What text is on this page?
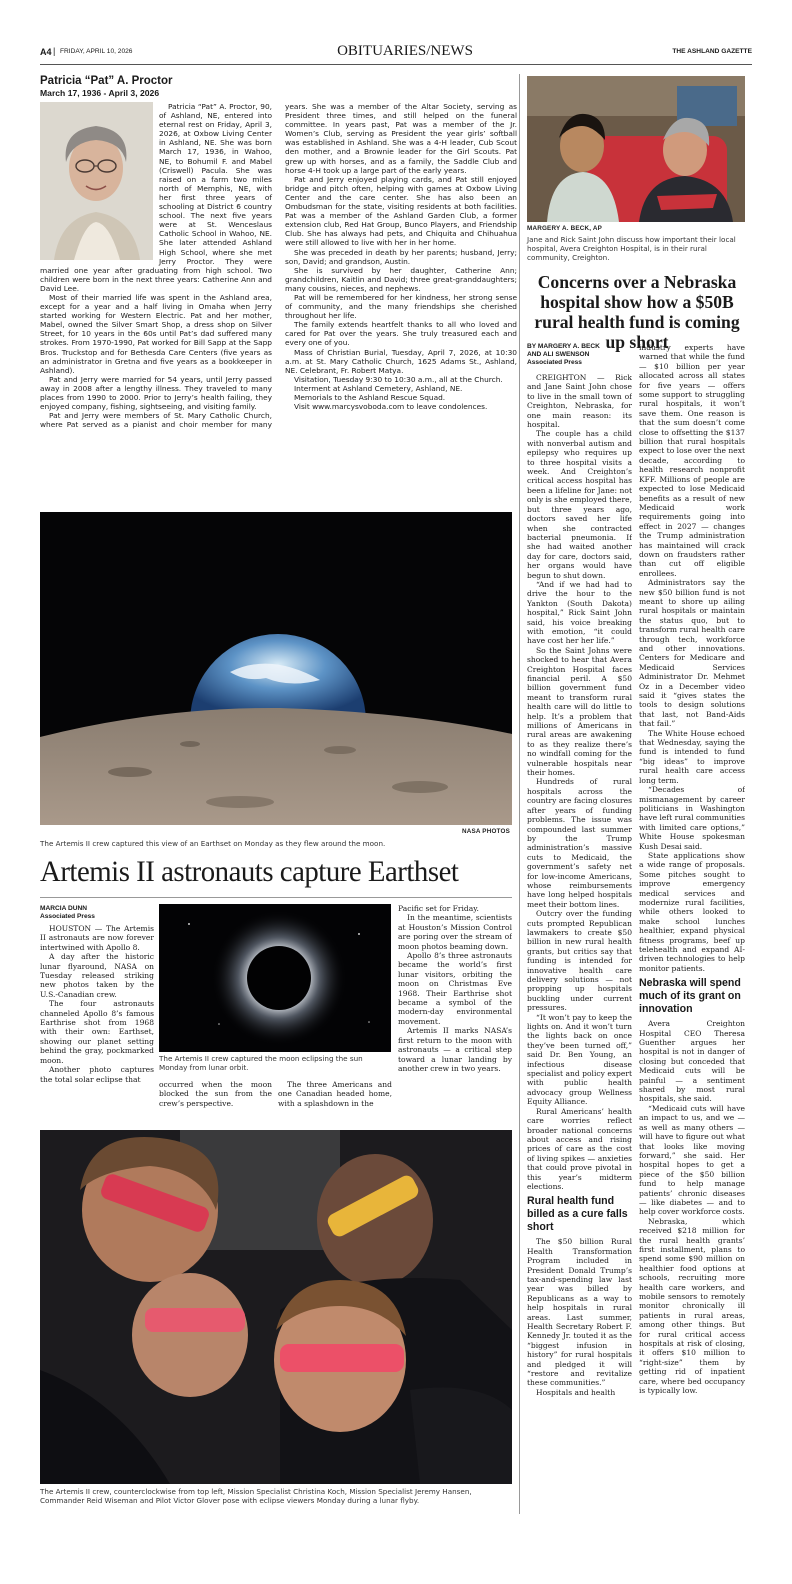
A4 | FRIDAY, APRIL 10, 2026	OBITUARIES/NEWS	THE ASHLAND GAZETTE
Patricia “Pat” A. Proctor
March 17, 1936 - April 3, 2026

Patricia “Pat” A. Proctor, 90, of Ashland, NE, entered into eternal rest on Friday, April 3, 2026, at Oxbow Living Center in Ashland, NE. She was born March 17, 1936, in Wahoo, NE, to Bohumil F. and Mabel (Criswell) Pacula. She was raised on a farm two miles north of Memphis, NE, with her first three years of schooling at District 6 country school. The next five years were at St. Wenceslaus Catholic School in Wahoo, NE. She later attended Ashland High School, where she met Jerry Proctor. They were married one year after graduating from high school. Two children were born in the next three years: Catherine Ann and David Lee.

Most of their married life was spent in the Ashland area, except for a year and a half living in Omaha when Jerry started working for Western Electric. Pat and her mother, Mabel, owned the Silver Smart Shop, a dress shop on Silver Street, for 10 years in the 60s until Pat’s dad suffered many strokes. From 1970-1990, Pat worked for Bill Sapp at the Sapp Bros. Truckstop and for Bethesda Care Centers (five years as an administrator in Gretna and five years as a bookkeeper in Ashland).

Pat and Jerry were married for 54 years, until Jerry passed away in 2008 after a lengthy illness. They traveled to many places from 1990 to 2000. Prior to Jerry’s health failing, they enjoyed company, fishing, sightseeing, and visiting family.

Pat and Jerry were members of St. Mary Catholic Church, where Pat served as a pianist and choir member for many years. She was a member of the Altar Society, serving as President three times, and still helped on the funeral committee. In years past, Pat was a member of the Jr. Women’s Club, serving as President the year girls’ softball was established in Ashland. She was a 4-H leader, Cub Scout den mother, and a Brownie leader for the Girl Scouts. Pat grew up with horses, and as a family, the Saddle Club and horse 4-H took up a large part of the early years.

Pat and Jerry enjoyed playing cards, and Pat still enjoyed bridge and pitch often, helping with games at Oxbow Living Center and the care center. She has also been an Ombudsman for the state, visiting residents at both facilities. Pat was a member of the Ashland Garden Club, a former extension club, Red Hat Group, Bunco Players, and Friendship Club. She has always had pets, and Chiquita and Chihuahua were still allowed to live with her in her home.

She was preceded in death by her parents; husband, Jerry; son, David; and grandson, Austin.

She is survived by her daughter, Catherine Ann; grandchildren, Kaitlin and David; three great-granddaughters; many cousins, nieces, and nephews.

Pat will be remembered for her kindness, her strong sense of community, and the many friendships she cherished throughout her life.

The family extends heartfelt thanks to all who loved and cared for Pat over the years. She truly treasured each and every one of you.

Mass of Christian Burial, Tuesday, April 7, 2026, at 10:30 a.m. at St. Mary Catholic Church, 1625 Adams St., Ashland, NE. Celebrant, Fr. Robert Matya.

Visitation, Tuesday 9:30 to 10:30 a.m., all at the Church.

Interment at Ashland Cemetery, Ashland, NE.

Memorials to the Ashland Rescue Squad.

Visit www.marcysvoboda.com to leave condolences.

NASA PHOTOS
The Artemis II crew captured this view of an Earthset on Monday as they flew around the moon.
Artemis II astronauts capture Earthset
MARCIA DUNN
Associated Press

HOUSTON — The Artemis II astronauts are now forever intertwined with Apollo 8.

A day after the historic lunar flyaround, NASA on Tuesday released striking new photos taken by the U.S.-Canadian crew.

The four astronauts channeled Apollo 8’s famous Earthrise shot from 1968 with their own: Earthset, showing our planet setting behind the gray, pockmarked moon.

Another photo captures the total solar eclipse that

The Artemis II crew captured the moon eclipsing the sun Monday from lunar orbit.

occurred when the moon blocked the sun from the crew’s perspective.

The three Americans and one Canadian headed home, with a splashdown in the

Pacific set for Friday.

In the meantime, scientists at Houston’s Mission Control are poring over the stream of moon photos beaming down.

Apollo 8’s three astronauts became the world’s first lunar visitors, orbiting the moon on Christmas Eve 1968. Their Earthrise shot became a symbol of the modern-day environmental movement.

Artemis II marks NASA’s first return to the moon with astronauts — a critical step toward a lunar landing by another crew in two years.

The Artemis II crew, counterclockwise from top left, Mission Specialist Christina Koch, Mission Specialist Jeremy Hansen, Commander Reid Wiseman and Pilot Victor Glover pose with eclipse viewers Monday during a lunar flyby.
MARGERY A. BECK, AP
Jane and Rick Saint John discuss how important their local hospital, Avera Creighton Hospital, is in their rural community, Creighton.
Concerns over a Nebraska hospital show how a $50B rural health fund is coming up short
BY MARGERY A. BECK
AND ALI SWENSON
Associated Press

CREIGHTON — Rick and Jane Saint John chose to live in the small town of Creighton, Nebraska, for one main reason: its hospital.

The couple has a child with nonverbal autism and epilepsy who requires up to three hospital visits a week. And Creighton’s critical access hospital has been a lifeline for Jane: not only is she employed there, but three years ago, doctors saved her life when she contracted bacterial pneumonia. If she had waited another day for care, doctors said, her organs would have begun to shut down.

“And if we had had to drive the hour to the Yankton (South Dakota) hospital,” Rick Saint John said, his voice breaking with emotion, “it could have cost her her life.”

So the Saint Johns were shocked to hear that Avera Creighton Hospital faces financial peril. A $50 billion government fund meant to transform rural health care will do little to help. It’s a problem that millions of Americans in rural areas are awakening to as they realize there’s no windfall coming for the vulnerable hospitals near their homes.

Hundreds of rural hospitals across the country are facing closures after years of funding problems. The issue was compounded last summer by the Trump administration’s massive cuts to Medicaid, the government’s safety net for low-income Americans, whose reimbursements have long helped hospitals meet their bottom lines.

Outcry over the funding cuts prompted Republican lawmakers to create $50 billion in new rural health grants, but critics say that funding is intended for innovative health care delivery solutions — not propping up hospitals buckling under current pressures.

“It won’t pay to keep the lights on. And it won’t turn the lights back on once they’ve been turned off,” said Dr. Ben Young, an infectious disease specialist and policy expert with public health advocacy group Wellness Equity Alliance.

Rural Americans’ health care worries reflect broader national concerns about access and rising prices of care as the cost of living spikes — anxieties that could prove pivotal in this year’s midterm elections.

Rural health fund billed as a cure falls short

The $50 billion Rural Health Transformation Program included in President Donald Trump’s tax-and-spending law last year was billed by Republicans as a way to help hospitals in rural areas. Last summer, Health Secretary Robert F. Kennedy Jr. touted it as the “biggest infusion in history” for rural hospitals and pledged it will “restore and revitalize these communities.”

Hospitals and health

industry experts have warned that while the fund — $10 billion per year allocated across all states for five years — offers some support to struggling rural hospitals, it won’t save them. One reason is that the sum doesn’t come close to offsetting the $137 billion that rural hospitals expect to lose over the next decade, according to health research nonprofit KFF. Millions of people are expected to lose Medicaid benefits as a result of new Medicaid work requirements going into effect in 2027 — changes the Trump administration has maintained will crack down on fraudsters rather than cut off eligible enrollees.

Administrators say the new $50 billion fund is not meant to shore up ailing rural hospitals or maintain the status quo, but to transform rural health care through tech, workforce and other innovations. Centers for Medicare and Medicaid Services Administrator Dr. Mehmet Oz in a December video said it “gives states the tools to design solutions that last, not Band-Aids that fail.”

The White House echoed that Wednesday, saying the fund is intended to fund “big ideas” to improve rural health care access long term.

“Decades of mismanagement by career politicians in Washington have left rural communities with limited care options,” White House spokesman Kush Desai said.

State applications show a wide range of proposals. Some pitches sought to improve emergency medical services and modernize rural facilities, while others looked to make school lunches healthier, expand physical fitness programs, beef up telehealth and expand AI-driven technologies to help monitor patients.

Nebraska will spend much of its grant on innovation

Avera Creighton Hospital CEO Theresa Guenther argues her hospital is not in danger of closing but conceded that Medicaid cuts will be painful — a sentiment shared by most rural hospitals, she said.

“Medicaid cuts will have an impact to us, and we — as well as many others — will have to figure out what that looks like moving forward,” she said. Her hospital hopes to get a piece of the $50 billion fund to help manage patients’ chronic diseases — like diabetes — and to help cover workforce costs.

Nebraska, which received $218 million for the rural health grants’ first installment, plans to spend some $90 million on healthier food options at schools, recruiting more health care workers, and mobile sensors to remotely monitor chronically ill patients in rural areas, among other things. But for rural critical access hospitals at risk of closing, it offers $10 million to “right-size” them by getting rid of inpatient care, where bed occupancy is typically low.
